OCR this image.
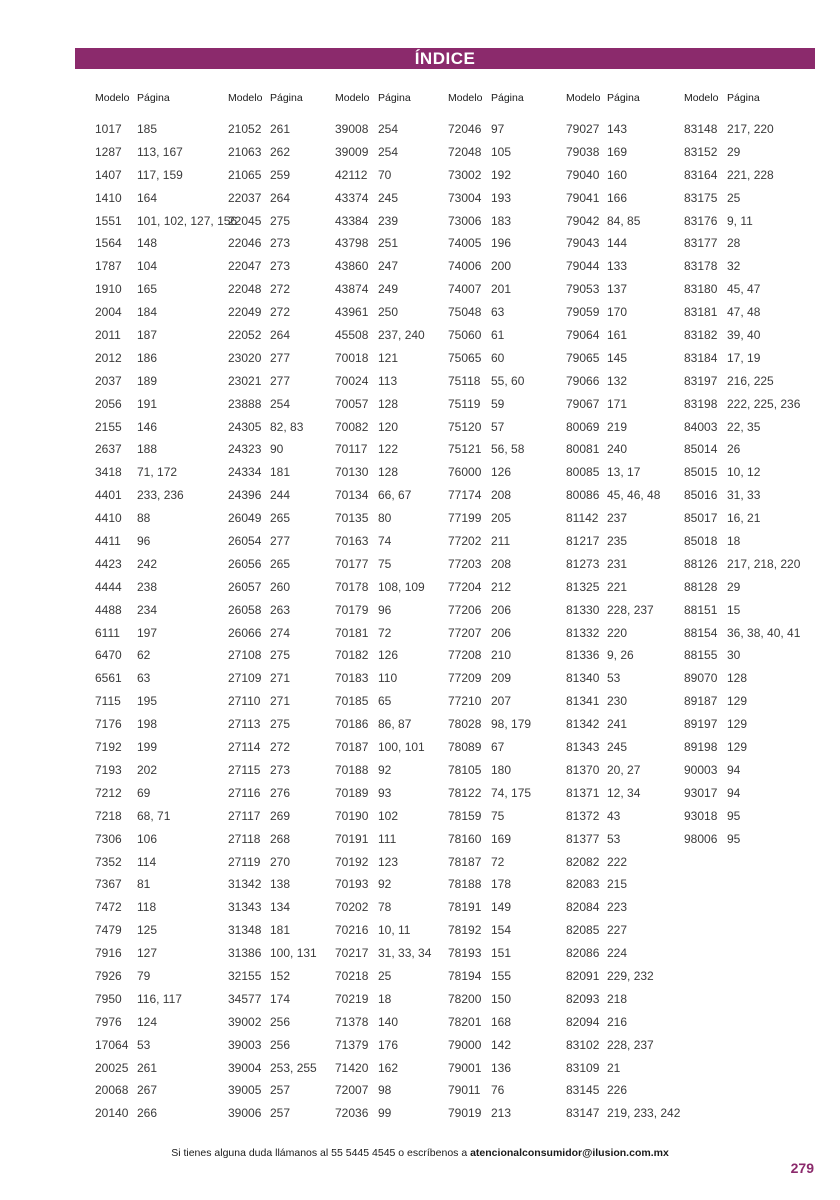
ÍNDICE
Modelo Página
1017 185
1287 113, 167
1407 117, 159
1410 164
1551 101, 102, 127, 156
1564 148
1787 104
1910 165
2004 184
2011 187
2012 186
2037 189
2056 191
2155 146
2637 188
3418 71, 172
4401 233, 236
4410 88
4411 96
4423 242
4444 238
4488 234
6111 197
6470 62
6561 63
7115 195
7176 198
7192 199
7193 202
7212 69
7218 68, 71
7306 106
7352 114
7367 81
7472 118
7479 125
7916 127
7926 79
7950 116, 117
7976 124
17064 53
20025 261
20068 267
20140 266
Modelo Página
21052 261
21063 262
21065 259
22037 264
22045 275
22046 273
22047 273
22048 272
22049 272
22052 264
23020 277
23021 277
23888 254
24305 82, 83
24323 90
24334 181
24396 244
26049 265
26054 277
26056 265
26057 260
26058 263
26066 274
27108 275
27109 271
27110 271
27113 275
27114 272
27115 273
27116 276
27117 269
27118 268
27119 270
31342 138
31343 134
31348 181
31386 100, 131
32155 152
34577 174
39002 256
39003 256
39004 253, 255
39005 257
39006 257
Modelo Página
39008 254
39009 254
42112 70
43374 245
43384 239
43798 251
43860 247
43874 249
43961 250
45508 237, 240
70018 121
70024 113
70057 128
70082 120
70117 122
70130 128
70134 66, 67
70135 80
70163 74
70177 75
70178 108, 109
70179 96
70181 72
70182 126
70183 110
70185 65
70186 86, 87
70187 100, 101
70188 92
70189 93
70190 102
70191 111
70192 123
70193 92
70202 78
70216 10, 11
70217 31, 33, 34
70218 25
70219 18
71378 140
71379 176
71420 162
72007 98
72036 99
Modelo Página
72046 97
72048 105
73002 192
73004 193
73006 183
74005 196
74006 200
74007 201
75048 63
75060 61
75065 60
75118 55, 60
75119 59
75120 57
75121 56, 58
76000 126
77174 208
77199 205
77202 211
77203 208
77204 212
77206 206
77207 206
77208 210
77209 209
77210 207
78028 98, 179
78089 67
78105 180
78122 74, 175
78159 75
78160 169
78187 72
78188 178
78191 149
78192 154
78193 151
78194 155
78200 150
78201 168
79000 142
79001 136
79011 76
79019 213
Modelo Página
79027 143
79038 169
79040 160
79041 166
79042 84, 85
79043 144
79044 133
79053 137
79059 170
79064 161
79065 145
79066 132
79067 171
80069 219
80081 240
80085 13, 17
80086 45, 46, 48
81142 237
81217 235
81273 231
81325 221
81330 228, 237
81332 220
81336 9, 26
81340 53
81341 230
81342 241
81343 245
81370 20, 27
81371 12, 34
81372 43
81377 53
82082 222
82083 215
82084 223
82085 227
82086 224
82091 229, 232
82093 218
82094 216
83102 228, 237
83109 21
83145 226
83147 219, 233, 242
Modelo Página
83148 217, 220
83152 29
83164 221, 228
83175 25
83176 9, 11
83177 28
83178 32
83180 45, 47
83181 47, 48
83182 39, 40
83184 17, 19
83197 216, 225
83198 222, 225, 236
84003 22, 35
85014 26
85015 10, 12
85016 31, 33
85017 16, 21
85018 18
88126 217, 218, 220
88128 29
88151 15
88154 36, 38, 40, 41
88155 30
89070 128
89187 129
89197 129
89198 129
90003 94
93017 94
93018 95
98006 95
Si tienes alguna duda llámanos al 55 5445 4545 o escríbenos a atencionalconsumidor@ilusion.com.mx
279
